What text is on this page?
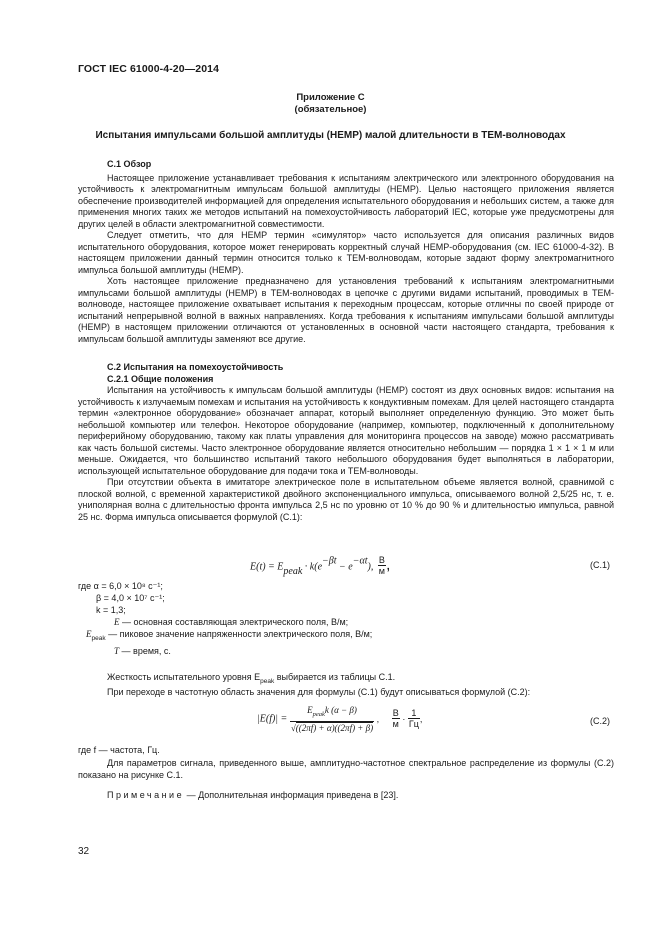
ГОСТ IEC 61000-4-20—2014
Приложение С
(обязательное)
Испытания импульсами большой амплитуды (HEMP) малой длительности в ТЕМ-волноводах
С.1 Обзор

Настоящее приложение устанавливает требования к испытаниям электрического или электронного оборудования на устойчивость к электромагнитным импульсам большой амплитуды (HEMP). Целью настоящего приложения является обеспечение производителей информацией для определения испытательного оборудования и небольших систем, а также для применения многих таких же методов испытаний на помехоустойчивость лабораторий IEC, которые уже предусмотрены для других целей в области электромагнитной совместимости.

Следует отметить, что для HEMP термин «симулятор» часто используется для описания различных видов испытательного оборудования, которое может генерировать корректный случай HEMP-оборудования (см. IEC 61000-4-32). В настоящем приложении данный термин относится только к ТЕМ-волноводам, которые задают форму электромагнитного импульса большой амплитуды (HEMP).

Хоть настоящее приложение предназначено для установления требований к испытаниям электромагнитными импульсами большой амплитуды (HEMP) в ТЕМ-волноводах в цепочке с другими видами испытаний, проводимых в ТЕМ-волноводе, настоящее приложение охватывает испытания к переходным процессам, которые отличны по своей природе от испытаний непрерывной волной в важных направлениях. Когда требования к испытаниям импульсами большой амплитуды (HEMP) в настоящем приложении отличаются от установленных в основной части настоящего стандарта, требования к импульсам большой амплитуды заменяют все другие.

С.2 Испытания на помехоустойчивость
С.2.1 Общие положения

Испытания на устойчивость к импульсам большой амплитуды (HEMP) состоят из двух основных видов: испытания на устойчивость к излучаемым помехам и испытания на устойчивость к кондуктивным помехам. Для целей настоящего стандарта термин «электронное оборудование» обозначает аппарат, который выполняет определенную функцию. Это может быть небольшой компьютер или телефон. Некоторое оборудование (например, компьютер, подключенный к дополнительному периферийному оборудованию, такому как платы управления для мониторинга процессов на заводе) можно рассматривать как часть большой системы. Часто электронное оборудование является относительно небольшим — порядка 1 × 1 × 1 м или меньше. Ожидается, что большинство испытаний такого небольшого оборудования будет выполняться в лаборатории, использующей испытательное оборудование для подачи тока и ТЕМ-волноводы.

При отсутствии объекта в имитаторе электрическое поле в испытательном объеме является волной, сравнимой с плоской волной, с временной характеристикой двойного экспоненциального импульса, описываемого волной 2,5/25 нс, т. е. униполярная волна с длительностью фронта импульса 2,5 нс по уровню от 10 % до 90 % и длительностью импульса, равной 25 нс. Форма импульса описывается формулой (С.1):

$E(t) = E_{peak} \cdot k(e^{-\beta t} - e^{-\alpha t})$, $\frac{В}{м}$ ,	(С.1)
где α = 6,0 × 10⁸ с⁻¹;
β = 4,0 × 10⁷ с⁻¹;
k = 1,3;
E — основная составляющая электрического поля, В/м;
$E_{peak}$ — пиковое значение напряженности электрического поля, В/м;
T — время, с.

Жесткость испытательного уровня $E_{peak}$ выбирается из таблицы С.1.

При переходе в частотную область значения для формулы (С.1) будут описываться формулой (С.2):

$|E(f)| = \frac{E_{peak}k (\alpha - \beta)}{√((2\pi f) + \alpha)((2\pi f) + \beta)}$ , $\frac{В}{м} \cdot \frac{1}{Гц}$ ,	(С.2)
где f — частота, Гц.

Для параметров сигнала, приведенного выше, амплитудно-частотное спектральное распределение из формулы (С.2) показано на рисунке С.1.

Примечание — Дополнительная информация приведена в [23].
32
